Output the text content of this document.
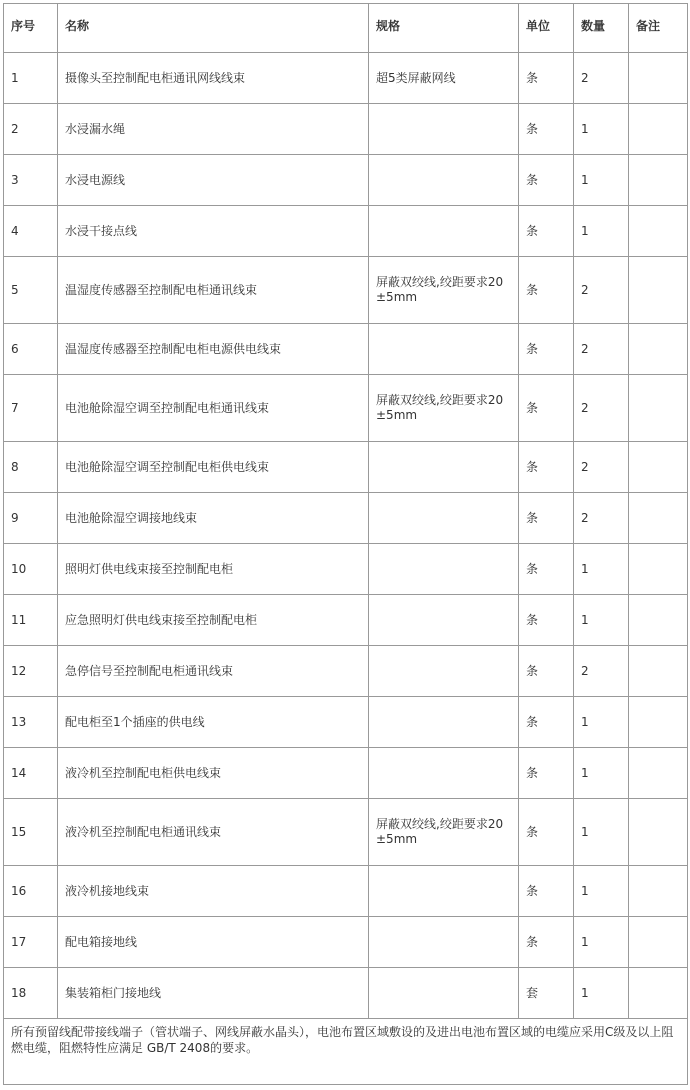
序号	名称	规格	单位	数量	备注
1	摄像头至控制配电柜通讯网线线束	超5类屏蔽网线	条	2	
2	水浸漏水绳		条	1	
3	水浸电源线		条	1	
4	水浸干接点线		条	1	
5	温湿度传感器至控制配电柜通讯线束	屏蔽双绞线,绞距要求20±5mm	条	2	
6	温湿度传感器至控制配电柜电源供电线束		条	2	
7	电池舱除湿空调至控制配电柜通讯线束	屏蔽双绞线,绞距要求20±5mm	条	2	
8	电池舱除湿空调至控制配电柜供电线束		条	2	
9	电池舱除湿空调接地线束		条	2	
10	照明灯供电线束接至控制配电柜		条	1	
11	应急照明灯供电线束接至控制配电柜		条	1	
12	急停信号至控制配电柜通讯线束		条	2	
13	配电柜至1个插座的供电线		条	1	
14	液冷机至控制配电柜供电线束		条	1	
15	液冷机至控制配电柜通讯线束	屏蔽双绞线,绞距要求20±5mm	条	1	
16	液冷机接地线束		条	1	
17	配电箱接地线		条	1	
18	集装箱柜门接地线		套	1	
所有预留线配带接线端子（管状端子、网线屏蔽水晶头），电池布置区域敷设的及进出电池布置区域的电缆应采用C级及以上阻燃电缆，阻燃特性应满足 GB/T 2408的要求。					
